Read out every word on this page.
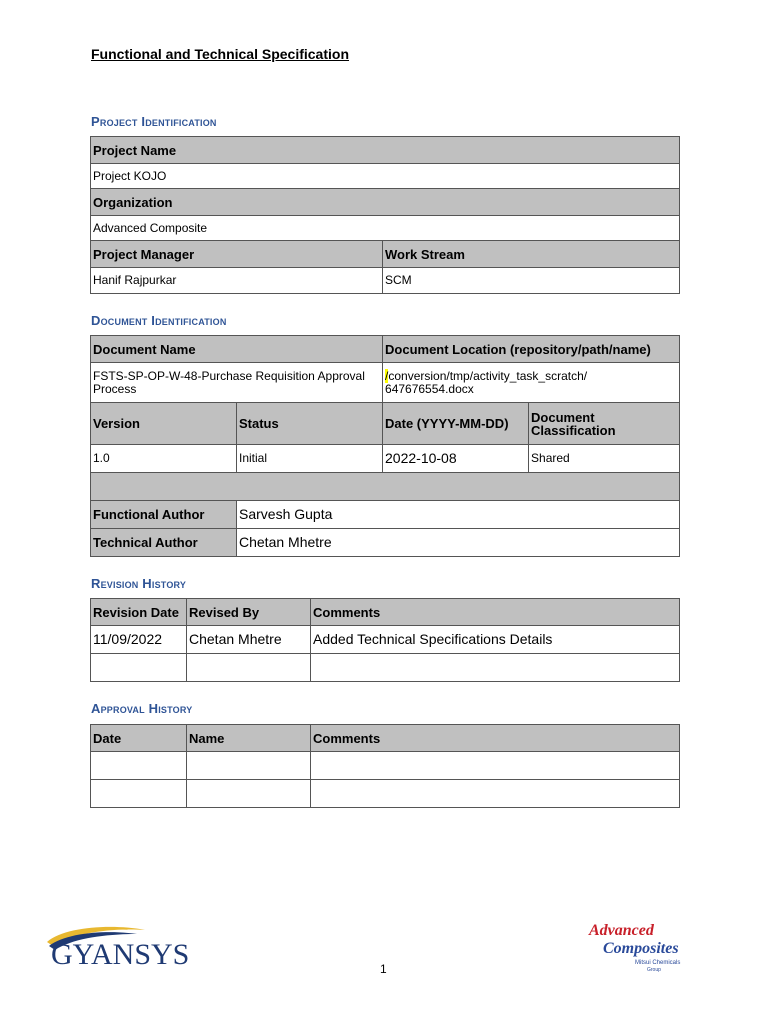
Functional and Technical Specification
Project Identification
Project Name	
Project KOJO	
Organization	
Advanced Composite	
Project Manager	Work Stream
Hanif Rajpurkar	SCM
Document Identification
Document Name		Document Location (repository/path/name)	
FSTS-SP-OP-W-48-Purchase Requisition Approval Process		/conversion/tmp/activity_task_scratch/ 647676554.docx	
Version	Status	Date (YYYY-MM-DD)	Document Classification
1.0	Initial	2022-10-08	Shared

Functional Author	Sarvesh Gupta		
Technical Author	Chetan Mhetre		
Revision History
Revision Date	Revised By	Comments
11/09/2022	Chetan Mhetre	Added Technical Specifications Details

Approval History
Date	Name	Comments

GYANSYS	1
Advanced
Composites
Mitsui Chemicals
Group
